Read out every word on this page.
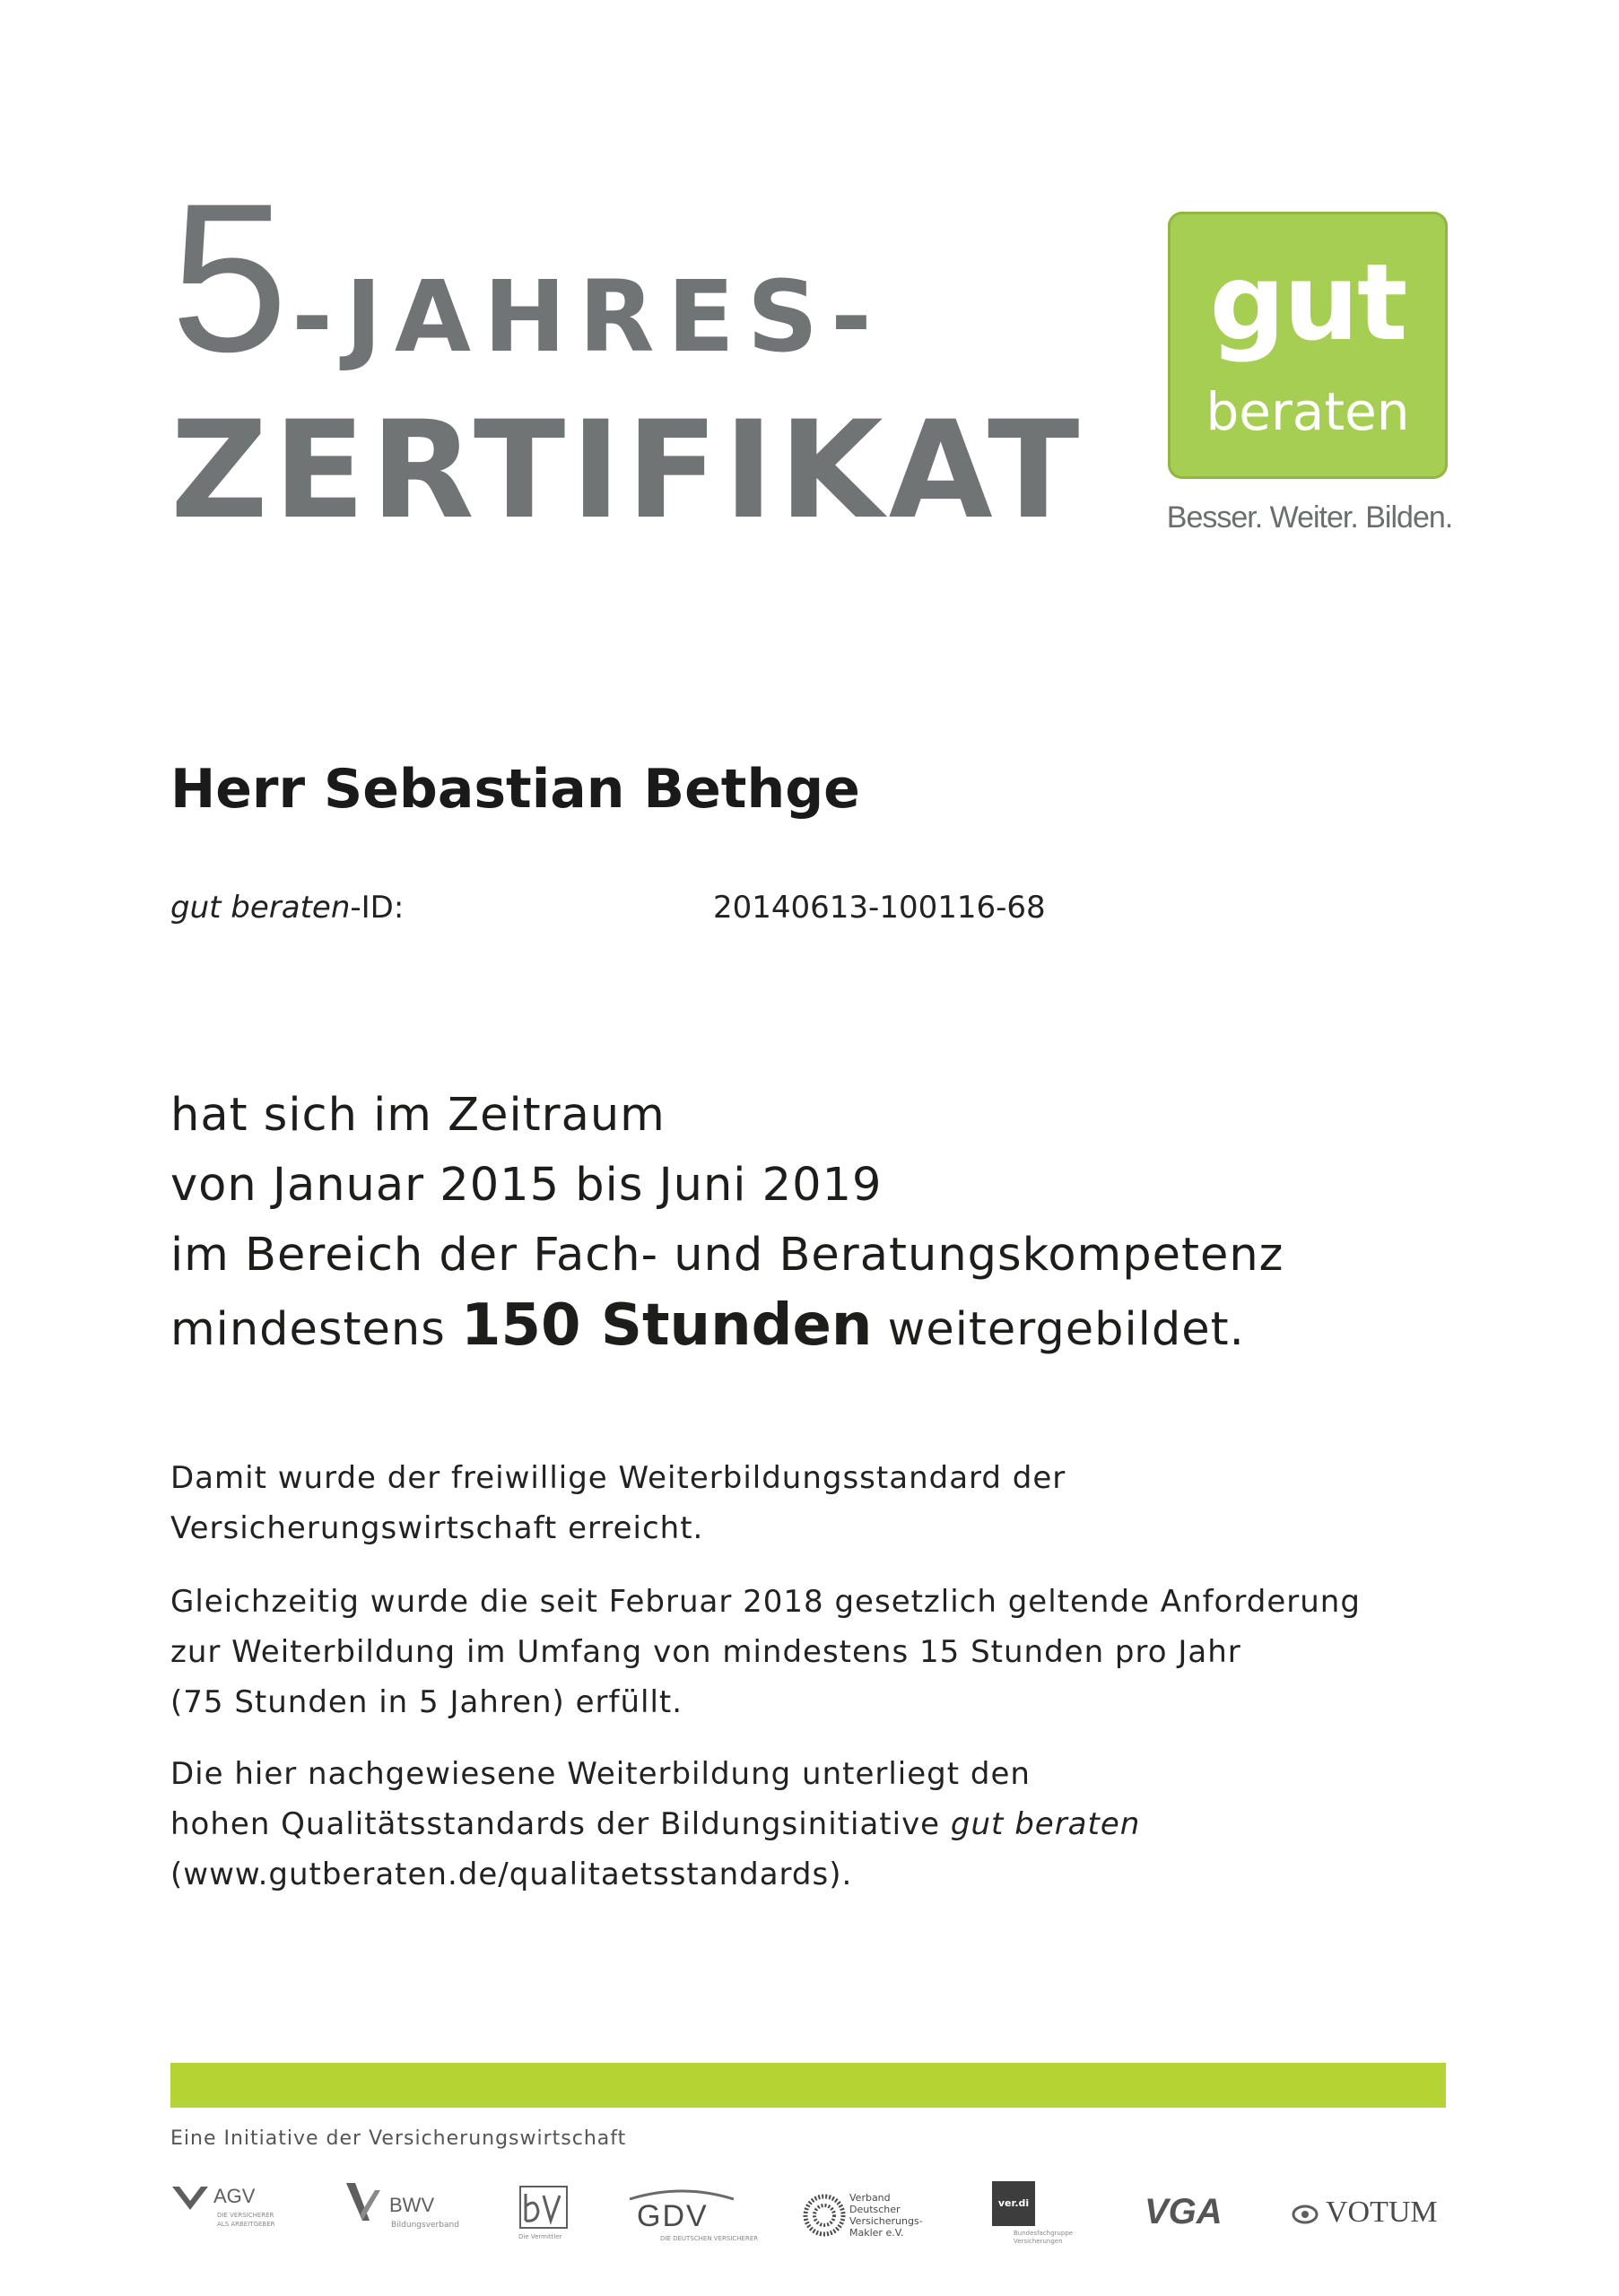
5-JAHRES-
ZERTIFIKAT
gut
beraten
Besser. Weiter. Bilden.
Herr Sebastian Bethge
gut beraten-ID:	20140613-100116-68
hat sich im Zeitraum
von Januar 2015 bis Juni 2019
im Bereich der Fach- und Beratungskompetenz
mindestens 150 Stunden weitergebildet.
Damit wurde der freiwillige Weiterbildungsstandard der
Versicherungswirtschaft erreicht.
Gleichzeitig wurde die seit Februar 2018 gesetzlich geltende Anforderung
zur Weiterbildung im Umfang von mindestens 15 Stunden pro Jahr
(75 Stunden in 5 Jahren) erfüllt.
Die hier nachgewiesene Weiterbildung unterliegt den
hohen Qualitätsstandards der Bildungsinitiative gut beraten
(www.gutberaten.de/qualitaetsstandards).
Eine Initiative der Versicherungswirtschaft
AGV
DIE VERSICHERER
ALS ARBEITGEBER
BWV
Bildungsverband
Die Vermittler
GDV
DIE DEUTSCHEN VERSICHERER
Verband
Deutscher
Versicherungs-
Makler e.V.
ver.di
Bundesfachgruppe
Versicherungen
VGA	VOTUM
